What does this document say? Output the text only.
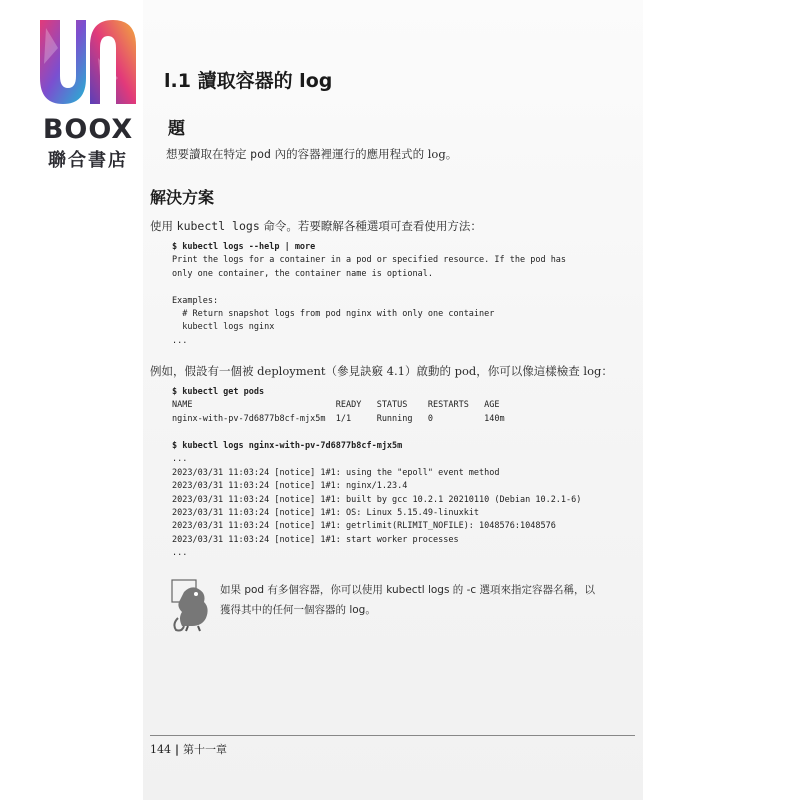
BOOX
聯合書店
l.1 讀取容器的 log
題
想要讀取在特定 pod 內的容器裡運行的應用程式的 log。
解決方案
使用 kubectl logs 命令。若要瞭解各種選項可查看使用方法：
$ kubectl logs --help | more
Print the logs for a container in a pod or specified resource. If the pod has
only one container, the container name is optional.

Examples:
# Return snapshot logs from pod nginx with only one container
kubectl logs nginx
...
例如，假設有一個被 deployment（參見訣竅 4.1）啟動的 pod，你可以像這樣檢查 log：
$ kubectl get pods
NAME                            READY   STATUS    RESTARTS   AGE
nginx-with-pv-7d6877b8cf-mjx5m  1/1     Running   0          140m
$ kubectl logs nginx-with-pv-7d6877b8cf-mjx5m
...
2023/03/31 11:03:24 [notice] 1#1: using the "epoll" event method
2023/03/31 11:03:24 [notice] 1#1: nginx/1.23.4
2023/03/31 11:03:24 [notice] 1#1: built by gcc 10.2.1 20210110 (Debian 10.2.1-6)
2023/03/31 11:03:24 [notice] 1#1: OS: Linux 5.15.49-linuxkit
2023/03/31 11:03:24 [notice] 1#1: getrlimit(RLIMIT_NOFILE): 1048576:1048576
2023/03/31 11:03:24 [notice] 1#1: start worker processes
...
如果 pod 有多個容器，你可以使用 kubectl logs 的 -c 選項來指定容器名稱，以獲得其中的任何一個容器的 log。
144 | 第十一章
